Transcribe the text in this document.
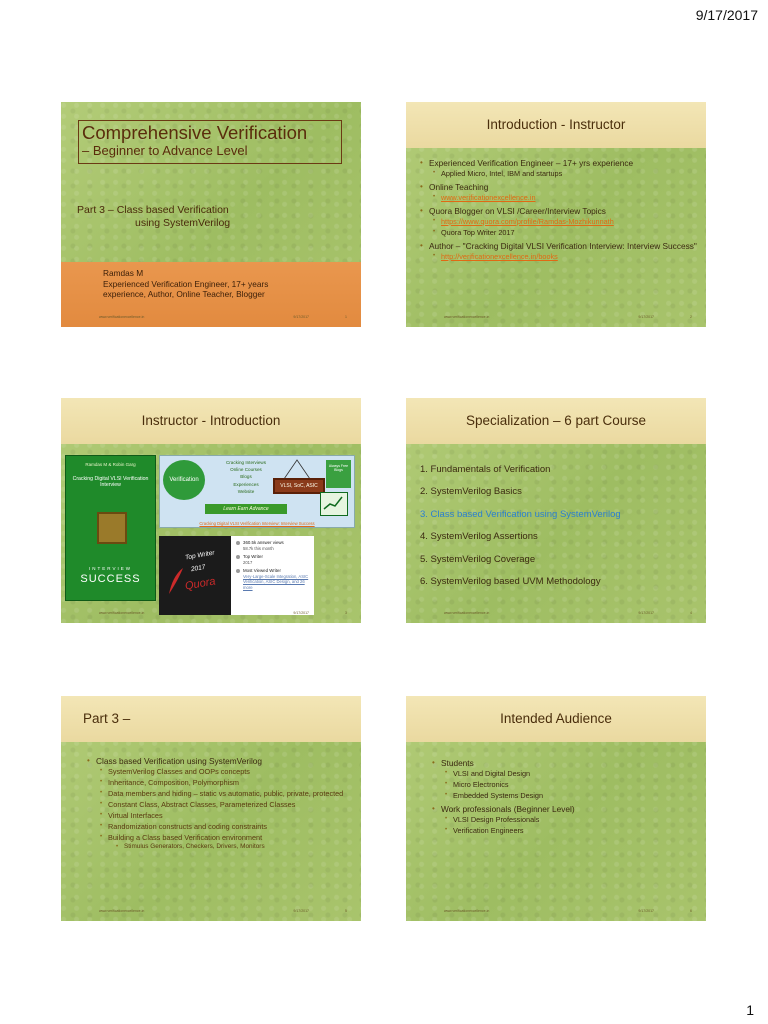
9/17/2017
Comprehensive Verification
– Beginner to Advance Level
Part 3 – Class based Verification
using SystemVerilog
Ramdas M
Experienced Verification Engineer, 17+ years experience, Author, Online Teacher, Blogger
www.verificationexcellence.in	9/17/2017	1
Introduction - Instructor
• Experienced Verification Engineer – 17+ yrs experience
• Applied Micro, Intel, IBM and startups
• Online Teaching
• www.verificationexcellence.in
• Quora Blogger on VLSI /Career/Interview Topics
• https://www.quora.com/profile/Ramdas-Mozhikunnath
• Quora Top Writer 2017
• Author – "Cracking Digital VLSI Verification Interview: Interview Success"
• http://verificationexcellence.in/books
www.verificationexcellence.in	9/17/2017	2
Instructor - Introduction
Ramdas M & Robin Garg
Cracking Digital VLSI Verification Interview
INTERVIEW
SUCCESS
Verification
Cracking Interviews
Online Courses
Blogs
Experiences
Website
VLSI, SoC, ASIC
Learn Earn Advance
Always Free Blogs
Cracking Digital VLSI Verification Interview: Interview Success
Top Writer
2017
Quora
360.5k answer views
58.7k this month
Top Writer
2017
Most Viewed Writer
Very-Large-Scale Integration, ASIC Verification, ASIC Design, and 26 more
www.verificationexcellence.in	9/17/2017	3
Specialization – 6 part Course
1. Fundamentals of Verification
2. SystemVerilog Basics
3. Class based Verification using SystemVerilog
4. SystemVerilog Assertions
5. SystemVerilog Coverage
6. SystemVerilog based UVM Methodology
www.verificationexcellence.in	9/17/2017	4
Part 3 –
• Class based Verification using SystemVerilog
• SystemVerilog Classes and OOPs concepts
• Inheritance, Composition, Polymorphism
• Data members and hiding – static vs automatic, public, private, protected
• Constant Class, Abstract Classes, Parameterized Classes
• Virtual Interfaces
• Randomization constructs and coding constraints
• Building a Class based Verification environment
• Stimulus Generators, Checkers, Drivers, Monitors
www.verificationexcellence.in	9/17/2017	5
Intended Audience
• Students
• VLSI and Digital Design
• Micro Electronics
• Embedded Systems Design
• Work professionals (Beginner Level)
• VLSI Design Professionals
• Verification Engineers
www.verificationexcellence.in	9/17/2017	6
1
